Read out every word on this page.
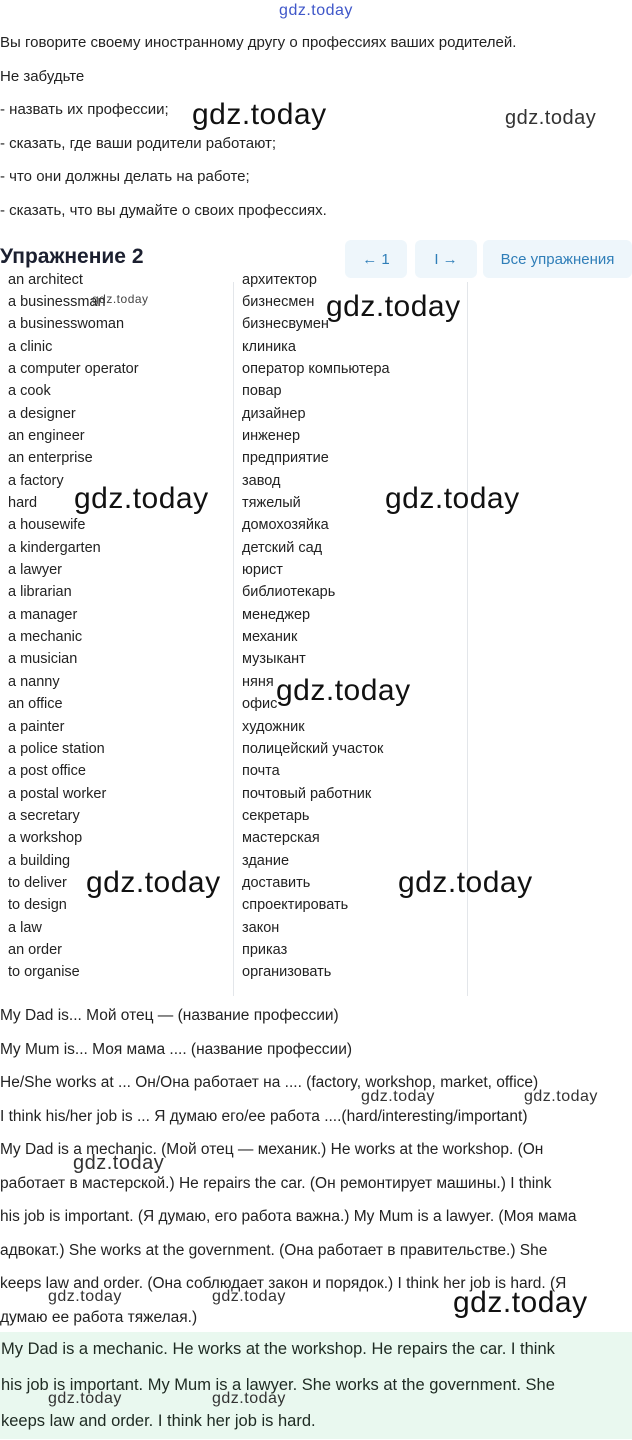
gdz.today

Вы говорите своему иностранному другу о профессиях ваших родителей.

Не забудьте

- назвать их профессии;

- сказать, где ваши родители работают;

- что они должны делать на работе;

- сказать, что вы думайте о своих профессиях.

Упражнение 2	← 1	I →	Все упражнения
an architect	архитектор
a businessman	бизнесмен
a businesswoman	бизнесвумен
a clinic	клиника
a computer operator	оператор компьютера
a cook	повар
a designer	дизайнер
an engineer	инженер
an enterprise	предприятие
a factory	завод
hard	тяжелый
a housewife	домохозяйка
a kindergarten	детский сад
a lawyer	юрист
a librarian	библиотекарь
a manager	менеджер
a mechanic	механик
a musician	музыкант
a nanny	няня
an office	офис
a painter	художник
a police station	полицейский участок
a post office	почта
a postal worker	почтовый работник
a secretary	секретарь
a workshop	мастерская
a building	здание
to deliver	доставить
to design	спроектировать
a law	закон
an order	приказ
to organise	организовать

My Dad is... Мой отец — (название профессии)

My Mum is... Моя мама .... (название профессии)

He/She works at ... Он/Она работает на .... (factory, workshop, market, office)

I think his/her job is ... Я думаю его/ее работа ....(hard/interesting/important)

My Dad is a mechanic. (Мой отец — механик.) He works at the workshop. (Он

работает в мастерской.) He repairs the car. (Он ремонтирует машины.) I think

his job is important. (Я думаю, его работа важна.) My Mum is a lawyer. (Моя мама

адвокат.) She works at the government. (Она работает в правительстве.) She

keeps law and order. (Она соблюдает закон и порядок.) I think her job is hard. (Я

думаю ее работа тяжелая.)

My Dad is a mechanic. He works at the workshop. He repairs the car. I think

his job is important. My Mum is a lawyer. She works at the government. She

keeps law and order. I think her job is hard.

gdz.today	gdz.today
gdz.today	gdz.today
gdz.today	gdz.today
gdz.today
gdz.today	gdz.today
gdz.today
gdz.today
gdz.today	gdz.today
gdz.today
gdz.today
gdz.today	gdz.today
